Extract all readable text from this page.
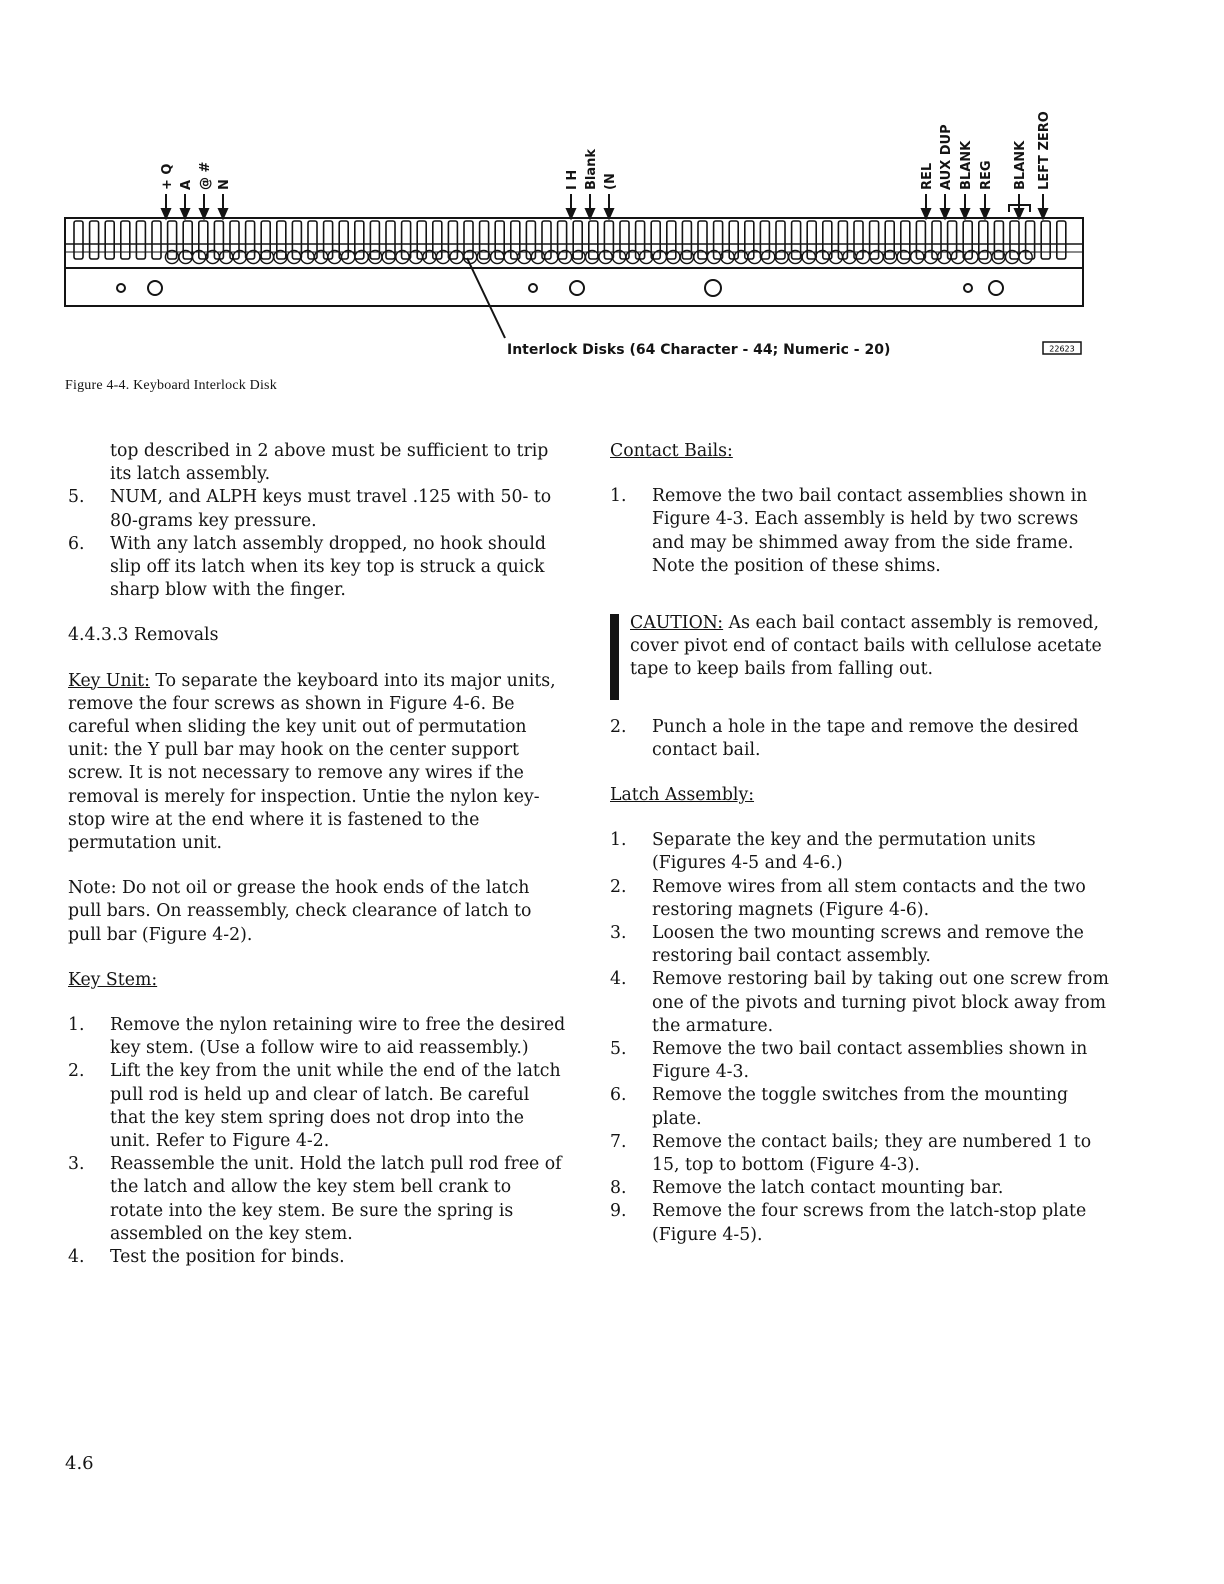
+ Q A @ # N	I H Blank (N	REL AUX DUP BLANK REG BLANK LEFT ZERO
Interlock Disks (64 Character - 44; Numeric - 20)	22623
Figure 4-4. Keyboard Interlock Disk

top described in 2 above must be sufficient to trip its latch assembly.

5. NUM, and ALPH keys must travel .125 with 50- to 80-grams key pressure.

6. With any latch assembly dropped, no hook should slip off its latch when its key top is struck a quick sharp blow with the finger.

4.4.3.3 Removals

Key Unit: To separate the keyboard into its major units, remove the four screws as shown in Figure 4-6. Be careful when sliding the key unit out of permutation unit: the Y pull bar may hook on the center support screw. It is not necessary to remove any wires if the removal is merely for inspection. Untie the nylon key-stop wire at the end where it is fastened to the permutation unit.

Note: Do not oil or grease the hook ends of the latch pull bars. On reassembly, check clearance of latch to pull bar (Figure 4-2).

Key Stem:

1. Remove the nylon retaining wire to free the desired key stem. (Use a follow wire to aid reassembly.)

2. Lift the key from the unit while the end of the latch pull rod is held up and clear of latch. Be careful that the key stem spring does not drop into the unit. Refer to Figure 4-2.

3. Reassemble the unit. Hold the latch pull rod free of the latch and allow the key stem bell crank to rotate into the key stem. Be sure the spring is assembled on the key stem.

4. Test the position for binds.

Contact Bails:

1. Remove the two bail contact assemblies shown in Figure 4-3. Each assembly is held by two screws and may be shimmed away from the side frame. Note the position of these shims.

CAUTION: As each bail contact assembly is removed, cover pivot end of contact bails with cellulose acetate tape to keep bails from falling out.

2. Punch a hole in the tape and remove the desired contact bail.

Latch Assembly:

1. Separate the key and the permutation units (Figures 4-5 and 4-6.)

2. Remove wires from all stem contacts and the two restoring magnets (Figure 4-6).

3. Loosen the two mounting screws and remove the restoring bail contact assembly.

4. Remove restoring bail by taking out one screw from one of the pivots and turning pivot block away from the armature.

5. Remove the two bail contact assemblies shown in Figure 4-3.

6. Remove the toggle switches from the mounting plate.

7. Remove the contact bails; they are numbered 1 to 15, top to bottom (Figure 4-3).

8. Remove the latch contact mounting bar.

9. Remove the four screws from the latch-stop plate (Figure 4-5).

4.6
